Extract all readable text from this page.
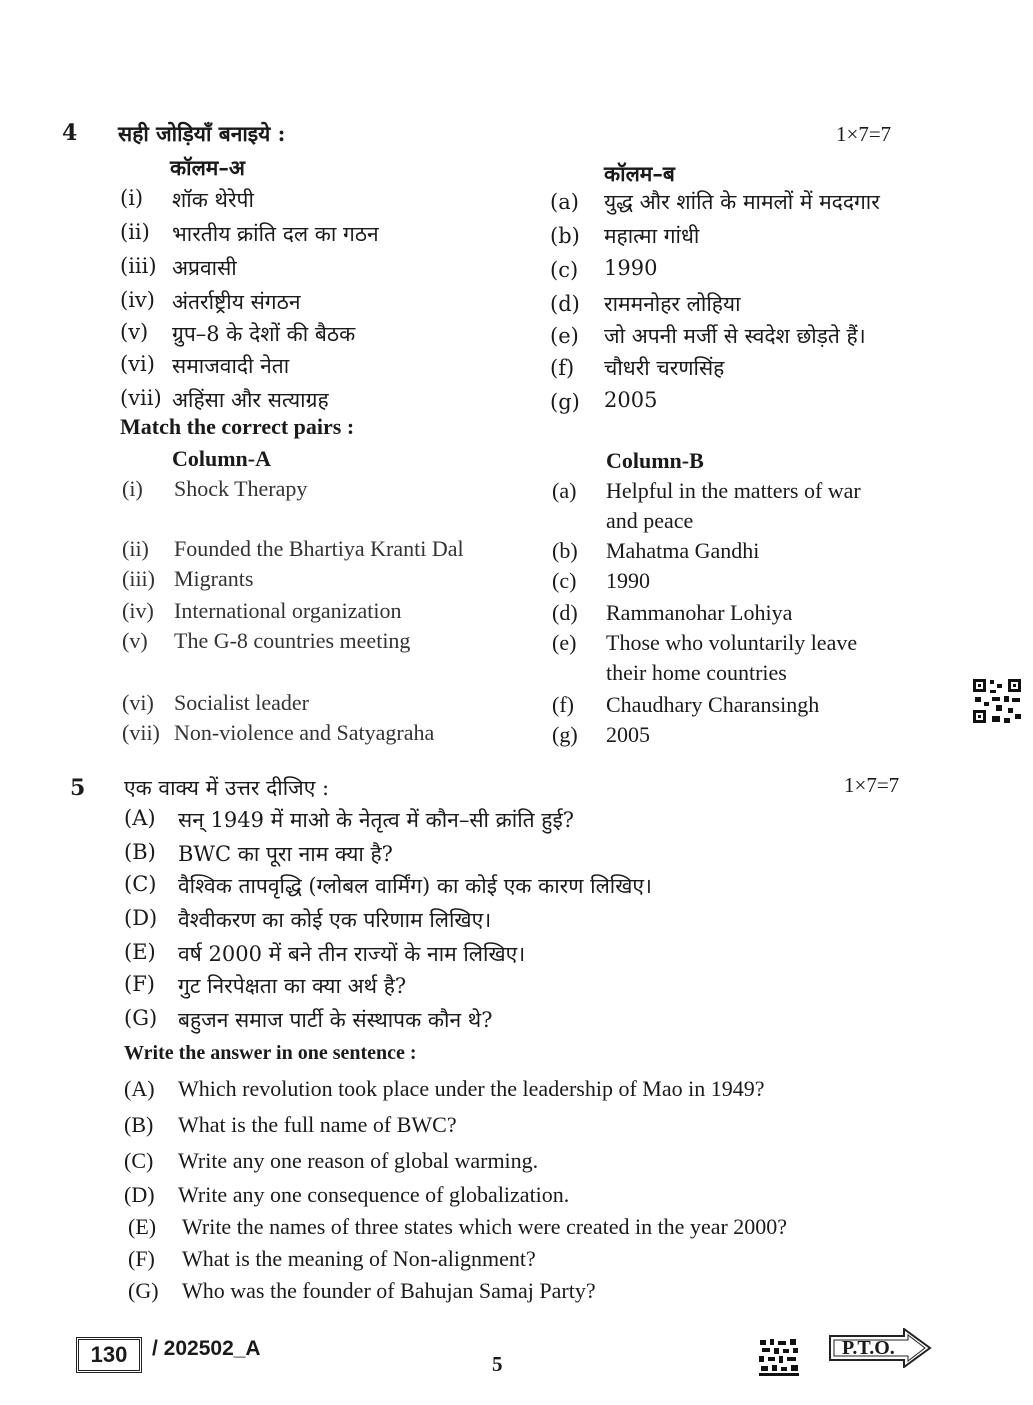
4 सही जोड़ियाँ बनाइये :	1×7=7
कॉलम–अ	कॉलम–ब
(i) शॉक थेरेपी	(a) युद्ध और शांति के मामलों में मददगार
(ii) भारतीय क्रांति दल का गठन	(b) महात्मा गांधी
(iii) अप्रवासी	(c) 1990
(iv) अंतर्राष्ट्रीय संगठन	(d) राममनोहर लोहिया
(v) ग्रुप–8 के देशों की बैठक	(e) जो अपनी मर्जी से स्वदेश छोड़ते हैं।
(vi) समाजवादी नेता	(f) चौधरी चरणसिंह
(vii) अहिंसा और सत्याग्रह	(g) 2005
Match the correct pairs :
Column-A	Column-B
(i) Shock Therapy	(a) Helpful in the matters of war
and peace
(ii) Founded the Bhartiya Kranti Dal	(b) Mahatma Gandhi
(iii) Migrants	(c) 1990
(iv) International organization	(d) Rammanohar Lohiya
(v) The G-8 countries meeting	(e) Those who voluntarily leave
their home countries
(vi) Socialist leader	(f) Chaudhary Charansingh
(vii) Non-violence and Satyagraha	(g) 2005
5 एक वाक्य में उत्तर दीजिए :	1×7=7
(A) सन् 1949 में माओ के नेतृत्व में कौन–सी क्रांति हुई?
(B) BWC का पूरा नाम क्या है?
(C) वैश्विक तापवृद्धि (ग्लोबल वार्मिंग) का कोई एक कारण लिखिए।
(D) वैश्वीकरण का कोई एक परिणाम लिखिए।
(E) वर्ष 2000 में बने तीन राज्यों के नाम लिखिए।
(F) गुट निरपेक्षता का क्या अर्थ है?
(G) बहुजन समाज पार्टी के संस्थापक कौन थे?
Write the answer in one sentence :
(A) Which revolution took place under the leadership of Mao in 1949?
(B) What is the full name of BWC?
(C) Write any one reason of global warming.
(D) Write any one consequence of globalization.
(E) Write the names of three states which were created in the year 2000?
(F) What is the meaning of Non-alignment?
(G) Who was the founder of Bahujan Samaj Party?
130	/ 202502_A
5
P.T.O.
